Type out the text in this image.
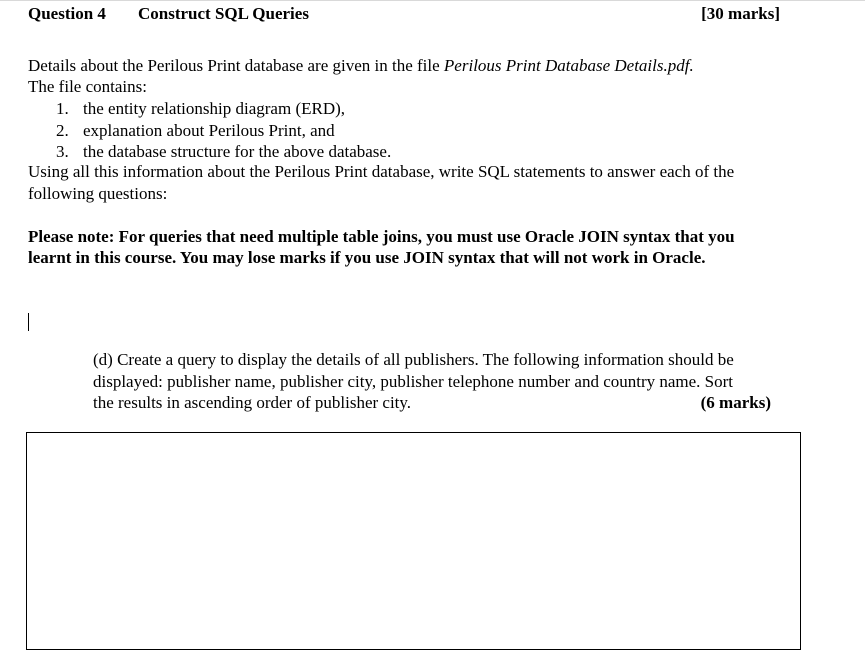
Question 4 Construct SQL Queries	[30 marks]
Details about the Perilous Print database are given in the file Perilous Print Database Details.pdf.
The file contains:
1. the entity relationship diagram (ERD),
2. explanation about Perilous Print, and
3. the database structure for the above database.
Using all this information about the Perilous Print database, write SQL statements to answer each of the
following questions:
Please note: For queries that need multiple table joins, you must use Oracle JOIN syntax that you
learnt in this course. You may lose marks if you use JOIN syntax that will not work in Oracle.
(d) Create a query to display the details of all publishers. The following information should be
displayed: publisher name, publisher city, publisher telephone number and country name. Sort
the results in ascending order of publisher city.	(6 marks)
